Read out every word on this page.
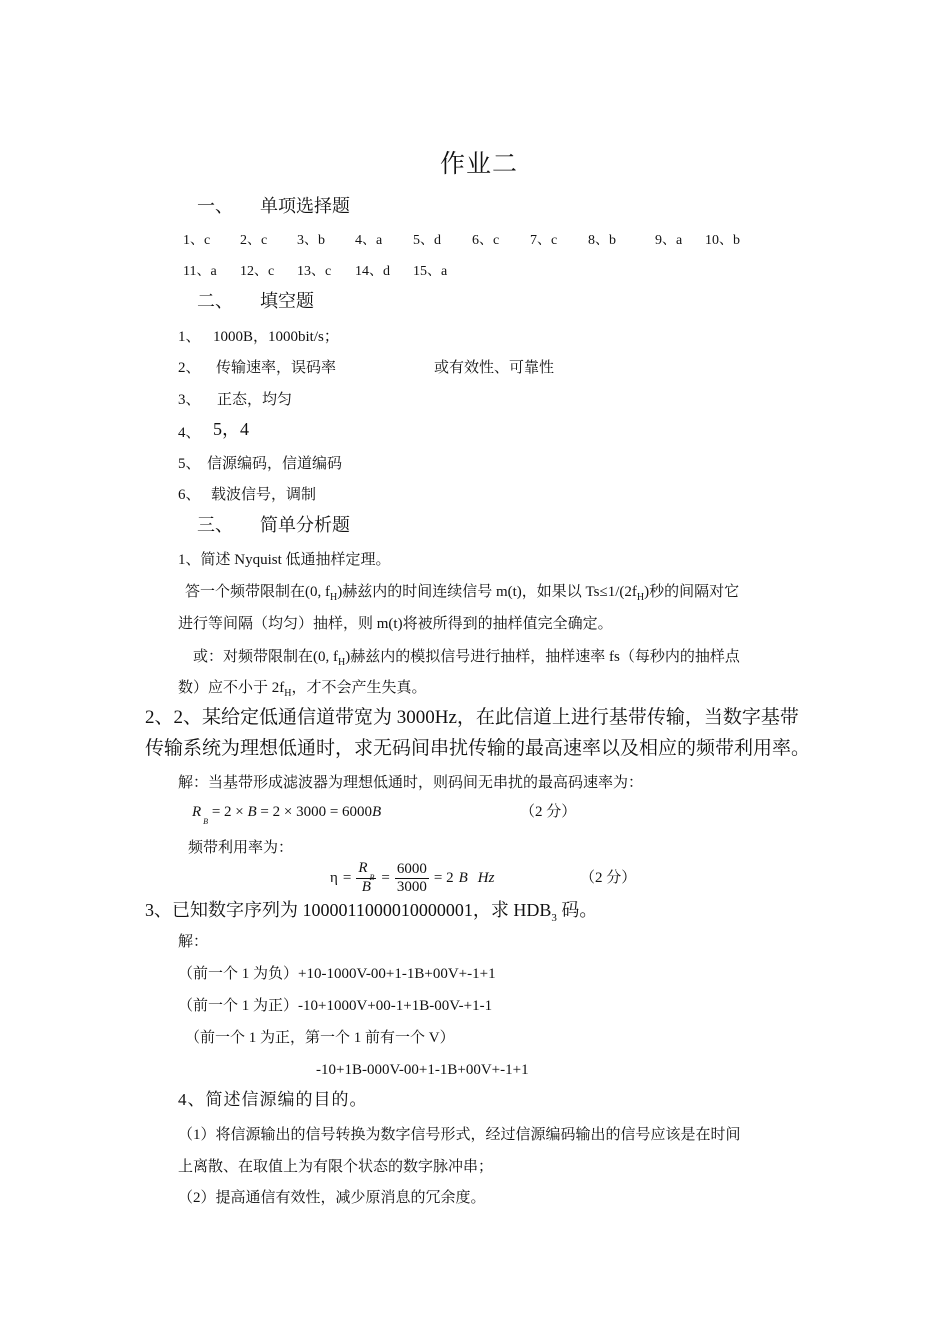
作业二
一、 单项选择题
1、c 2、c 3、b 4、a 5、d 6、c 7、c 8、b	9、a 10、b
11、a 12、c 13、c 14、d 15、a
二、 填空题
1、 1000B，1000bit/s；
2、 传输速率，误码率	或有效性、可靠性
3、 正态，均匀
4、 5，4
5、 信源编码，信道编码
6、 载波信号，调制
三、 简单分析题
1、简述 Nyquist 低通抽样定理。
答一个频带限制在(0, $f_H$)赫兹内的时间连续信号 m(t)，如果以 $Ts\le 1/(2f_H)$秒的间隔对它
进行等间隔（均匀）抽样，则 m(t)将被所得到的抽样值完全确定。
或：对频带限制在(0, $f_H$)赫兹内的模拟信号进行抽样，抽样速率 fs（每秒内的抽样点
数）应不小于 $2f_H$，才不会产生失真。
2、2、某给定低通信道带宽为 3000Hz，在此信道上进行基带传输，当数字基带
传输系统为理想低通时，求无码间串扰传输的最高速率以及相应的频带利用率。
解：当基带形成滤波器为理想低通时，则码间无串扰的最高码速率为：
$R_B = 2 \times B = 2 \times 3000 = 6000B$	（2 分）
频带利用率为：
$\eta = \frac{R_B}{B} = \frac{6000}{3000} = 2$ B Hz	（2 分）
3、已知数字序列为 1000011000010000001，求 $HDB_3$ 码。
解：
（前一个 1 为负）+10-1000V-00+1-1B+00V+-1+1
（前一个 1 为正）-10+1000V+00-1+1B-00V-+1-1
（前一个 1 为正，第一个 1 前有一个 V）
-10+1B-000V-00+1-1B+00V+-1+1
4、简述信源编的目的。
（1）将信源输出的信号转换为数字信号形式，经过信源编码输出的信号应该是在时间
上离散、在取值上为有限个状态的数字脉冲串；
（2）提高通信有效性，减少原消息的冗余度。
